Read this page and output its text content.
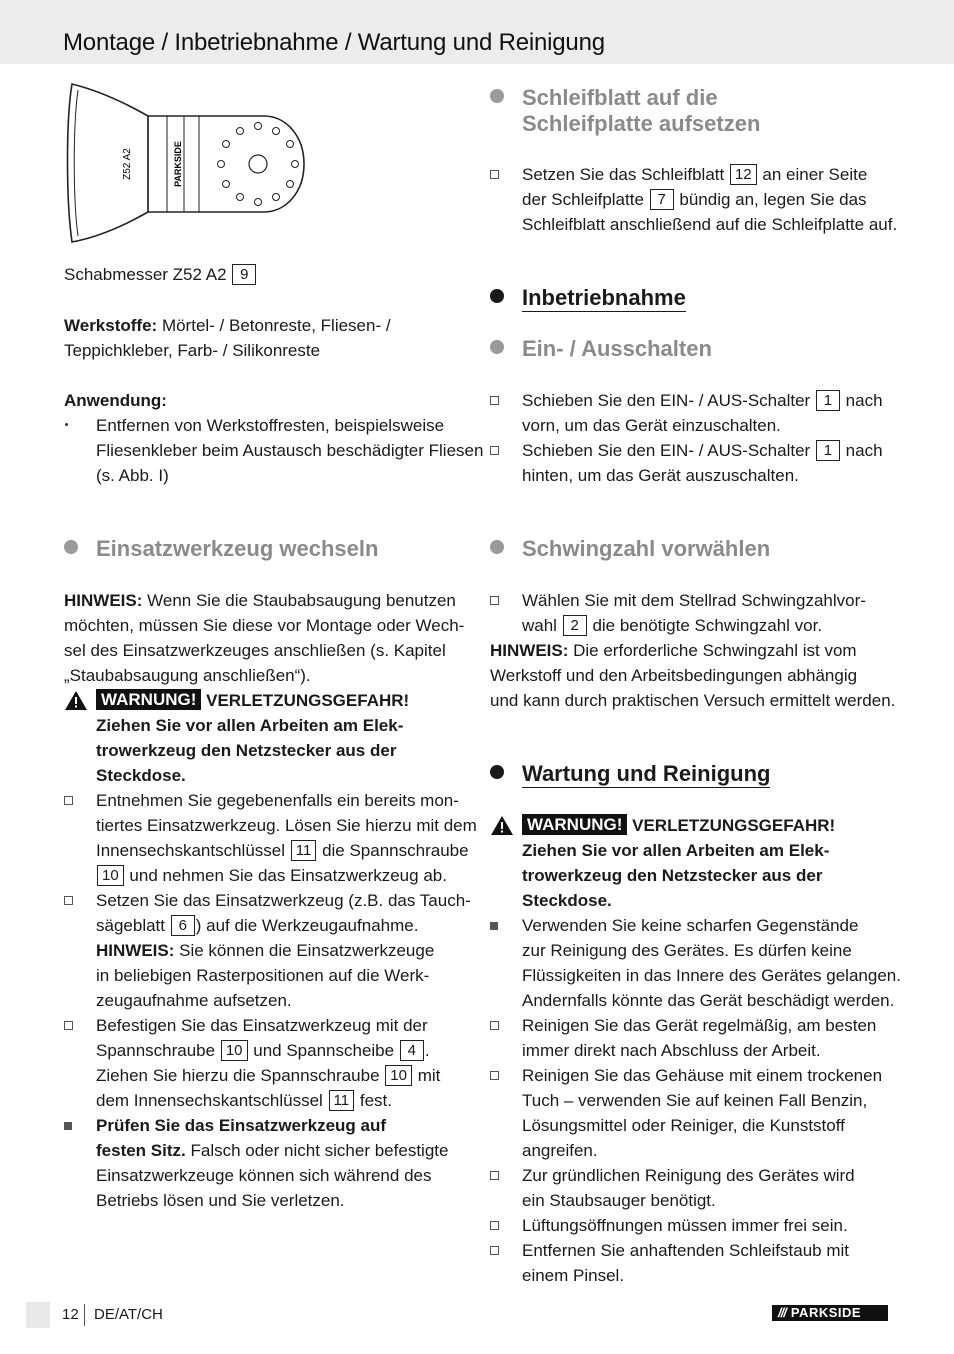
Montage / Inbetriebnahme / Wartung und Reinigung
Z52 A2	PARKSIDE
Schabmesser Z52 A2 9
Werkstoffe: Mörtel- / Betonreste, Fliesen- /
Teppichkleber, Farb- / Silikonreste
Anwendung:
Entfernen von Werkstoffresten, beispielsweise
Fliesenkleber beim Austausch beschädigter Fliesen
(s. Abb. I)
Einsatzwerkzeug wechseln
HINWEIS: Wenn Sie die Staubabsaugung benutzen
möchten, müssen Sie diese vor Montage oder Wech-
sel des Einsatzwerkzeuges anschließen (s. Kapitel
„Staubabsaugung anschließen“).
WARNUNG! VERLETZUNGSGEFAHR!
Ziehen Sie vor allen Arbeiten am Elek-
trowerkzeug den Netzstecker aus der
Steckdose.
Entnehmen Sie gegebenenfalls ein bereits mon-
tiertes Einsatzwerkzeug. Lösen Sie hierzu mit dem
Innensechskantschlüssel 11 die Spannschraube
10 und nehmen Sie das Einsatzwerkzeug ab.
Setzen Sie das Einsatzwerkzeug (z.B. das Tauch-
sägeblatt 6 ) auf die Werkzeugaufnahme.
HINWEIS: Sie können die Einsatzwerkzeuge
in beliebigen Rasterpositionen auf die Werk-
zeugaufnahme aufsetzen.
Befestigen Sie das Einsatzwerkzeug mit der
Spannschraube 10 und Spannscheibe 4 .
Ziehen Sie hierzu die Spannschraube 10 mit
dem Innensechskantschlüssel 11 fest.
Prüfen Sie das Einsatzwerkzeug auf
festen Sitz. Falsch oder nicht sicher befestigte
Einsatzwerkzeuge können sich während des
Betriebs lösen und Sie verletzen.
Schleifblatt auf die
Schleifplatte aufsetzen
Setzen Sie das Schleifblatt 12 an einer Seite
der Schleifplatte 7 bündig an, legen Sie das
Schleifblatt anschließend auf die Schleifplatte auf.
Inbetriebnahme
Ein- / Ausschalten
Schieben Sie den EIN- / AUS-Schalter 1 nach
vorn, um das Gerät einzuschalten.
Schieben Sie den EIN- / AUS-Schalter 1 nach
hinten, um das Gerät auszuschalten.
Schwingzahl vorwählen
Wählen Sie mit dem Stellrad Schwingzahlvor-
wahl 2 die benötigte Schwingzahl vor.
HINWEIS: Die erforderliche Schwingzahl ist vom
Werkstoff und den Arbeitsbedingungen abhängig
und kann durch praktischen Versuch ermittelt werden.
Wartung und Reinigung
WARNUNG! VERLETZUNGSGEFAHR!
Ziehen Sie vor allen Arbeiten am Elek-
trowerkzeug den Netzstecker aus der
Steckdose.
Verwenden Sie keine scharfen Gegenstände
zur Reinigung des Gerätes. Es dürfen keine
Flüssigkeiten in das Innere des Gerätes gelangen.
Andernfalls könnte das Gerät beschädigt werden.
Reinigen Sie das Gerät regelmäßig, am besten
immer direkt nach Abschluss der Arbeit.
Reinigen Sie das Gehäuse mit einem trockenen
Tuch – verwenden Sie auf keinen Fall Benzin,
Lösungsmittel oder Reiniger, die Kunststoff
angreifen.
Zur gründlichen Reinigung des Gerätes wird
ein Staubsauger benötigt.
Lüftungsöffnungen müssen immer frei sein.
Entfernen Sie anhaftenden Schleifstaub mit
einem Pinsel.
12 DE/AT/CH	/// PARKSIDE
